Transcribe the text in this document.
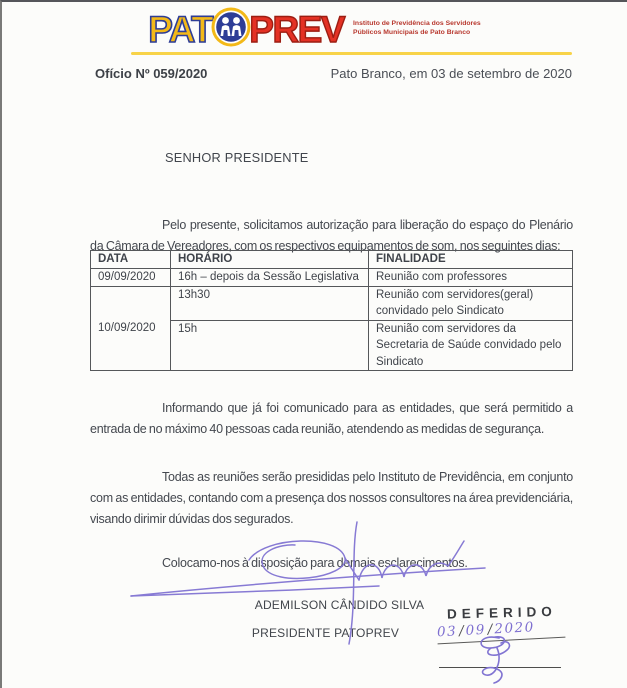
PAT PREV Instituto de Previdência dos Servidores
Públicos Municipais de Pato Branco
Ofício Nº 059/2020	Pato Branco, em 03 de setembro de 2020
SENHOR PRESIDENTE

Pelo presente, solicitamos autorização para liberação do espaço do Plenário da Câmara de Vereadores, com os respectivos equipamentos de som, nos seguintes dias:

DATA	HORÁRIO	FINALIDADE
09/09/2020	16h – depois da Sessão Legislativa	Reunião com professores
10/09/2020	13h30	Reunião com servidores(geral) convidado pelo Sindicato
	15h	Reunião com servidores da Secretaria de Saúde convidado pelo Sindicato

Informando que já foi comunicado para as entidades, que será permitido a entrada de no máximo 40 pessoas cada reunião, atendendo as medidas de segurança.

Todas as reuniões serão presididas pelo Instituto de Previdência, em conjunto com as entidades, contando com a presença dos nossos consultores na área previdenciária, visando dirimir dúvidas dos segurados.

Colocamo-nos à disposição para demais esclarecimentos.

ADEMILSON CÂNDIDO SILVA
PRESIDENTE PATOPREV
DEFERIDO
03/09/2020
